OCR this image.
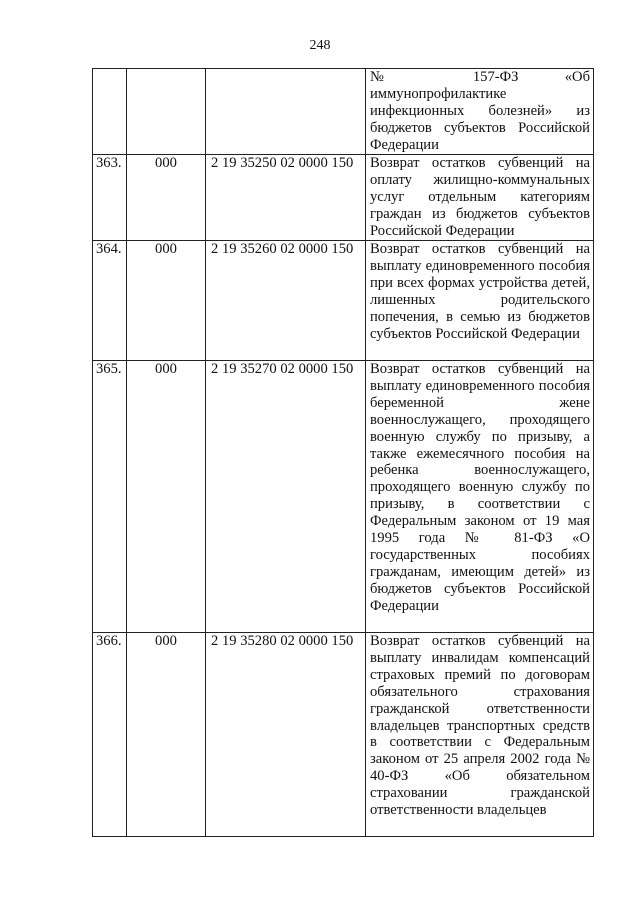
248
			№ 157-ФЗ «Об иммунопрофилактике инфекционных болезней» из бюджетов субъектов Российской Федерации
363.	000	2 19 35250 02 0000 150	Возврат остатков субвенций на оплату жилищно-коммунальных услуг отдельным категориям граждан из бюджетов субъектов Российской Федерации
364.	000	2 19 35260 02 0000 150	Возврат остатков субвенций на выплату единовременного пособия при всех формах устройства детей, лишенных родительского попечения, в семью из бюджетов субъектов Российской Федерации
365.	000	2 19 35270 02 0000 150	Возврат остатков субвенций на выплату единовременного пособия беременной жене военнослужащего, проходящего военную службу по призыву, а также ежемесячного пособия на ребенка военнослужащего, проходящего военную службу по призыву, в соответствии с Федеральным законом от 19 мая 1995 года № 81-ФЗ «О государственных пособиях гражданам, имеющим детей» из бюджетов субъектов Российской Федерации
366.	000	2 19 35280 02 0000 150	Возврат остатков субвенций на выплату инвалидам компенсаций страховых премий по договорам обязательного страхования гражданской ответственности владельцев транспортных средств в соответствии с Федеральным законом от 25 апреля 2002 года № 40-ФЗ «Об обязательном страховании гражданской ответственности владельцев
